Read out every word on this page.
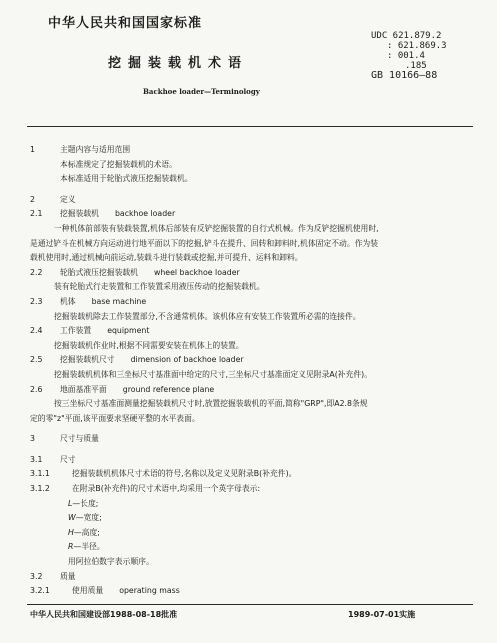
中华人民共和国国家标准
UDC 621.879.2
: 621.869.3
: 001.4
.185
GB 10166–88
挖掘装载机术语
Backhoe loader—Terminology
1	主题内容与适用范围
本标准规定了挖掘装载机的术语。
本标准适用于轮胎式液压挖掘装载机。
2	定义
2.1 挖掘装载机 backhoe loader
一种机体前部装有装载装置,机体后部装有反铲挖掘装置的自行式机械。作为反铲挖掘机使用时,
是通过铲斗在机械方向运动进行地平面以下的挖掘,铲斗在提升、回转和卸料时,机体固定不动。作为装
载机使用时,通过机械向前运动,装载斗进行装载或挖掘,并可提升、运料和卸料。
2.2 轮胎式液压挖掘装载机 wheel backhoe loader
装有轮胎式行走装置和工作装置采用液压传动的挖掘装载机。
2.3 机体 base machine
挖掘装载机除去工作装置部分,不含通常机体。该机体应有安装工作装置所必需的连接件。
2.4 工作装置 equipment
挖掘装载机作业时,根据不同需要安装在机体上的装置。
2.5 挖掘装载机尺寸 dimension of backhoe loader
挖掘装载机机体和三坐标尺寸基准面中给定的尺寸,三坐标尺寸基准面定义见附录A(补充件)。
2.6 地面基准平面 ground reference plane
按三坐标尺寸基准面测量挖掘装载机尺寸时,放置挖掘装载机的平面,简称"GRP",即A2.8条规
定的零"z"平面,该平面要求坚硬平整的水平表面。
3	尺寸与质量
3.1 尺寸
3.1.1	挖掘装载机机体尺寸术语的符号,名称以及定义见附录B(补充件)。
3.1.2	在附录B(补充件)的尺寸术语中,均采用一个英字母表示:
L—长度;
W—宽度;
H—高度;
R—半径。
用阿拉伯数字表示顺序。
3.2 质量
3.2.1	使用质量 operating mass
中华人民共和国建设部1988-08-18批准	1989-07-01实施
